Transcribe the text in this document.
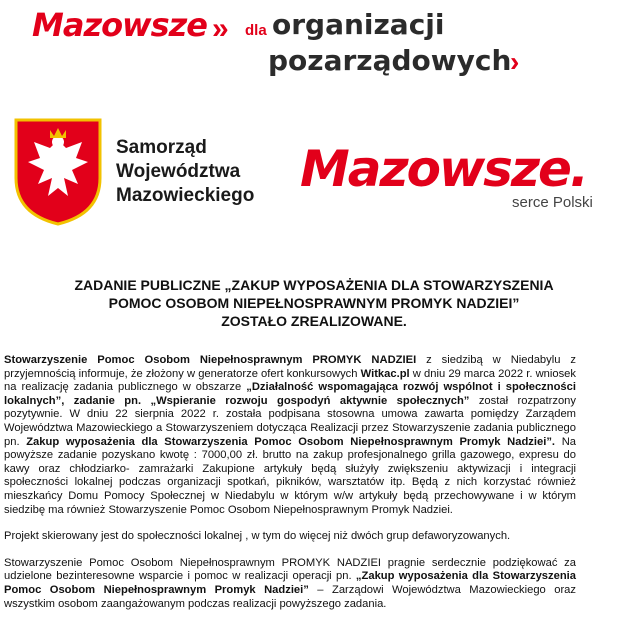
Mazowsze » dla organizacji
pozarządowych
›
Samorząd
Województwa
Mazowieckiego Mazowsze.
serce Polski
ZADANIE PUBLICZNE „ZAKUP WYPOSAŻENIA DLA STOWARZYSZENIA
POMOC OSOBOM NIEPEŁNOSPRAWNYM PROMYK NADZIEI”
ZOSTAŁO ZREALIZOWANE.

Stowarzyszenie Pomoc Osobom Niepełnosprawnym PROMYK NADZIEI z siedzibą w Niedabylu z przyjemnością informuje, że złożony w generatorze ofert konkursowych Witkac.pl w dniu 29 marca 2022 r. wniosek na realizację zadania publicznego w obszarze „Działalność wspomagająca rozwój wspólnot i społeczności lokalnych”, zadanie pn. „Wspieranie rozwoju gospodyń aktywnie społecznych” został rozpatrzony pozytywnie. W dniu 22 sierpnia 2022 r. została podpisana stosowna umowa zawarta pomiędzy Zarządem Województwa Mazowieckiego a Stowarzyszeniem dotycząca Realizacji przez Stowarzyszenie zadania publicznego pn. Zakup wyposażenia dla Stowarzyszenia Pomoc Osobom Niepełnosprawnym Promyk Nadziei”. Na powyższe zadanie pozyskano kwotę : 7000,00 zł. brutto na zakup profesjonalnego grilla gazowego, expresu do kawy oraz chłodziarko- zamrażarki Zakupione artykuły będą służyły zwiększeniu aktywizacji i integracji społeczności lokalnej podczas organizacji spotkań, pikników, warsztatów itp. Będą z nich korzystać również mieszkańcy Domu Pomocy Społecznej w Niedabylu w którym w/w artykuły będą przechowywane i w którym siedzibę ma również Stowarzyszenie Pomoc Osobom Niepełnosprawnym Promyk Nadziei.

Projekt skierowany jest do społeczności lokalnej , w tym do więcej niż dwóch grup defaworyzowanych.

Stowarzyszenie Pomoc Osobom Niepełnosprawnym PROMYK NADZIEI pragnie serdecznie podziękować za udzielone bezinteresowne wsparcie i pomoc w realizacji operacji pn. „Zakup wyposażenia dla Stowarzyszenia Pomoc Osobom Niepełnosprawnym Promyk Nadziei” – Zarządowi Województwa Mazowieckiego oraz wszystkim osobom zaangażowanym podczas realizacji powyższego zadania.
